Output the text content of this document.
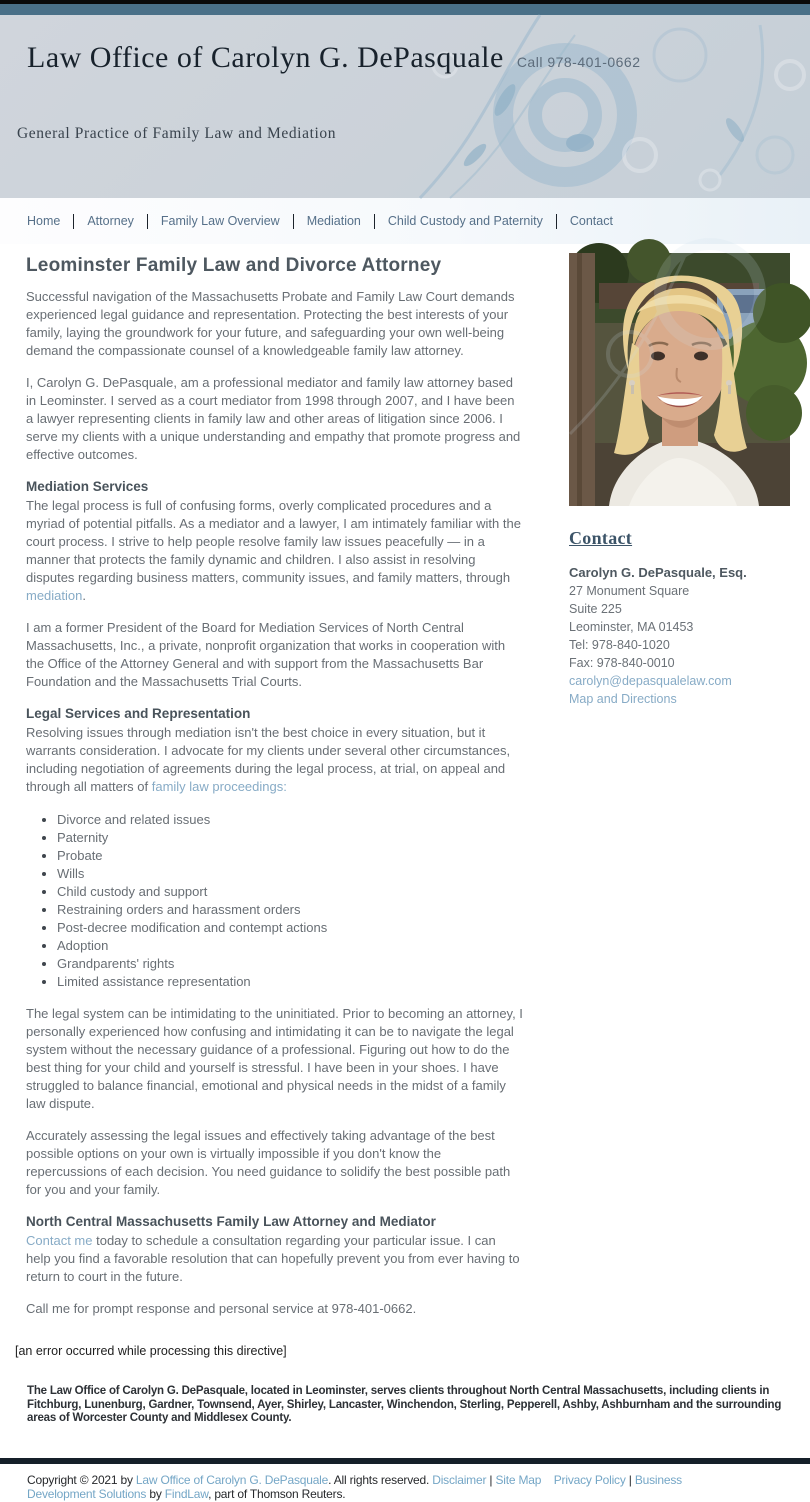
Law Office of Carolyn G. DePasquale Call 978-401-0662
General Practice of Family Law and Mediation
Home Attorney Family Law Overview Mediation Child Custody and Paternity Contact
Leominster Family Law and Divorce Attorney

Successful navigation of the Massachusetts Probate and Family Law Court demands experienced legal guidance and representation. Protecting the best interests of your family, laying the groundwork for your future, and safeguarding your own well-being demand the compassionate counsel of a knowledgeable family law attorney.

I, Carolyn G. DePasquale, am a professional mediator and family law attorney based in Leominster. I served as a court mediator from 1998 through 2007, and I have been a lawyer representing clients in family law and other areas of litigation since 2006. I serve my clients with a unique understanding and empathy that promote progress and effective outcomes.

Mediation Services

The legal process is full of confusing forms, overly complicated procedures and a myriad of potential pitfalls. As a mediator and a lawyer, I am intimately familiar with the court process. I strive to help people resolve family law issues peacefully — in a manner that protects the family dynamic and children. I also assist in resolving disputes regarding business matters, community issues, and family matters, through mediation.

I am a former President of the Board for Mediation Services of North Central Massachusetts, Inc., a private, nonprofit organization that works in cooperation with the Office of the Attorney General and with support from the Massachusetts Bar Foundation and the Massachusetts Trial Courts.

Legal Services and Representation

Resolving issues through mediation isn't the best choice in every situation, but it warrants consideration. I advocate for my clients under several other circumstances, including negotiation of agreements during the legal process, at trial, on appeal and through all matters of family law proceedings:

Divorce and related issues
Paternity
Probate
Wills
Child custody and support
Restraining orders and harassment orders
Post-decree modification and contempt actions
Adoption
Grandparents' rights
Limited assistance representation

The legal system can be intimidating to the uninitiated. Prior to becoming an attorney, I personally experienced how confusing and intimidating it can be to navigate the legal system without the necessary guidance of a professional. Figuring out how to do the best thing for your child and yourself is stressful. I have been in your shoes. I have struggled to balance financial, emotional and physical needs in the midst of a family law dispute.

Accurately assessing the legal issues and effectively taking advantage of the best possible options on your own is virtually impossible if you don't know the repercussions of each decision. You need guidance to solidify the best possible path for you and your family.

North Central Massachusetts Family Law Attorney and Mediator

Contact me today to schedule a consultation regarding your particular issue. I can help you find a favorable resolution that can hopefully prevent you from ever having to return to court in the future.

Call me for prompt response and personal service at 978-401-0662.

Contact
Carolyn G. DePasquale, Esq.
27 Monument Square
Suite 225
Leominster, MA 01453
Tel: 978-840-1020
Fax: 978-840-0010
carolyn@depasqualelaw.com
Map and Directions
[an error occurred while processing this directive]

The Law Office of Carolyn G. DePasquale, located in Leominster, serves clients throughout North Central Massachusetts, including clients in Fitchburg, Lunenburg, Gardner, Townsend, Ayer, Shirley, Lancaster, Winchendon, Sterling, Pepperell, Ashby, Ashburnham and the surrounding areas of Worcester County and Middlesex County.

Copyright © 2021 by Law Office of Carolyn G. DePasquale. All rights reserved. Disclaimer | Site Map Privacy Policy | Business Development Solutions by FindLaw, part of Thomson Reuters.
